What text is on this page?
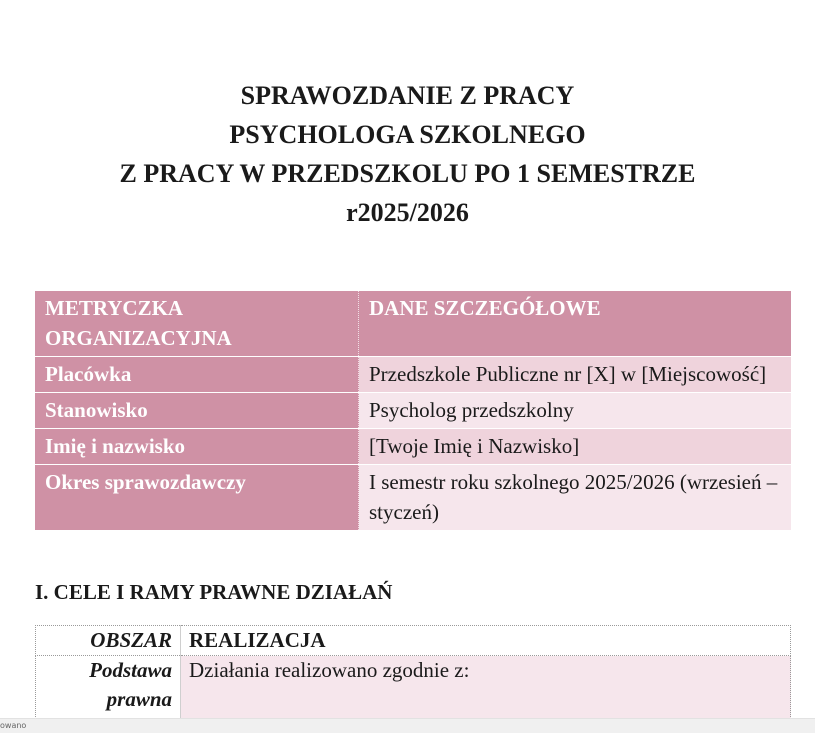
SPRAWOZDANIE Z PRACY
PSYCHOLOGA SZKOLNEGO
Z PRACY W PRZEDSZKOLU PO 1 SEMESTRZE
r2025/2026
METRYCZKA ORGANIZACYJNA	DANE SZCZEGÓŁOWE
Placówka	Przedszkole Publiczne nr [X] w [Miejscowość]
Stanowisko	Psycholog przedszkolny
Imię i nazwisko	[Twoje Imię i Nazwisko]
Okres sprawozdawczy	I semestr roku szkolnego 2025/2026 (wrzesień – styczeń)
I. CELE I RAMY PRAWNE DZIAŁAŃ
OBSZAR	REALIZACJA
Podstawa prawna	Działania realizowano zgodnie z:
owano
